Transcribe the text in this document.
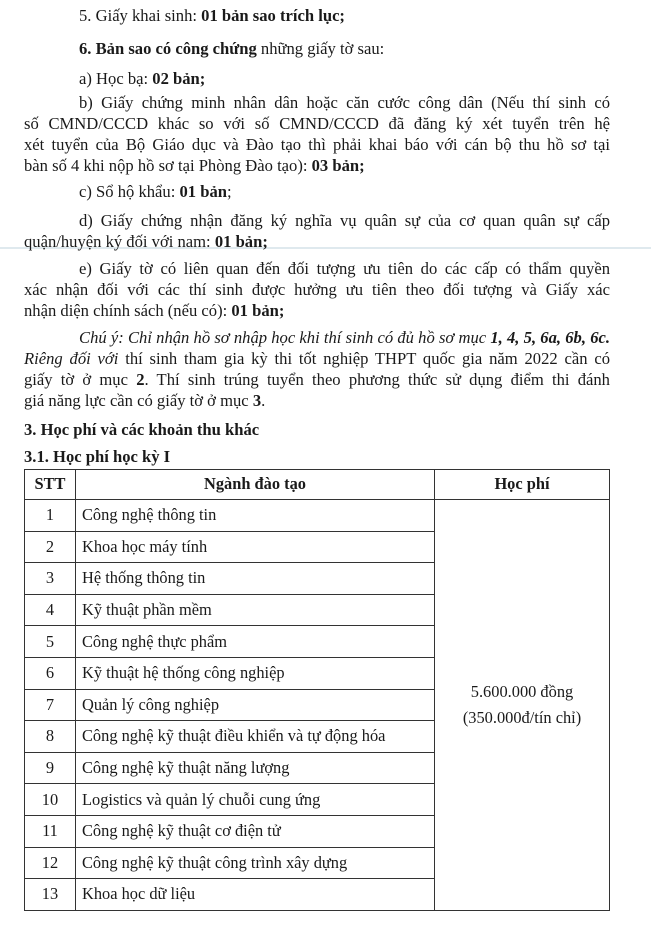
5. Giấy khai sinh: 01 bản sao trích lục;
6. Bản sao có công chứng những giấy tờ sau:
a) Học bạ: 02 bản;
b) Giấy chứng minh nhân dân hoặc căn cước công dân (Nếu thí sinh có
số CMND/CCCD khác so với số CMND/CCCD đã đăng ký xét tuyển trên hệ
xét tuyển của Bộ Giáo dục và Đào tạo thì phải khai báo với cán bộ thu hồ sơ tại
bàn số 4 khi nộp hồ sơ tại Phòng Đào tạo): 03 bản;
c) Sổ hộ khẩu: 01 bản;
d) Giấy chứng nhận đăng ký nghĩa vụ quân sự của cơ quan quân sự cấp
quận/huyện ký đối với nam: 01 bản;
e) Giấy tờ có liên quan đến đối tượng ưu tiên do các cấp có thẩm quyền
xác nhận đối với các thí sinh được hưởng ưu tiên theo đối tượng và Giấy xác
nhận diện chính sách (nếu có): 01 bản;
Chú ý: Chỉ nhận hồ sơ nhập học khi thí sinh có đủ hồ sơ mục 1, 4, 5, 6a, 6b, 6c.
Riêng đối với thí sinh tham gia kỳ thi tốt nghiệp THPT quốc gia năm 2022 cần có
giấy tờ ở mục 2. Thí sinh trúng tuyển theo phương thức sử dụng điểm thi đánh
giá năng lực cần có giấy tờ ở mục 3.
3. Học phí và các khoản thu khác
3.1. Học phí học kỳ I
STT	Ngành đào tạo	Học phí
1	Công nghệ thông tin	5.600.000 đồng
(350.000đ/tín chỉ)

2	Khoa học máy tính	
3	Hệ thống thông tin	
4	Kỹ thuật phần mềm	
5	Công nghệ thực phẩm	
6	Kỹ thuật hệ thống công nghiệp	
7	Quản lý công nghiệp	
8	Công nghệ kỹ thuật điều khiển và tự động hóa	
9	Công nghệ kỹ thuật năng lượng	
10	Logistics và quản lý chuỗi cung ứng	
11	Công nghệ kỹ thuật cơ điện tử	
12	Công nghệ kỹ thuật công trình xây dựng	
13	Khoa học dữ liệu	
